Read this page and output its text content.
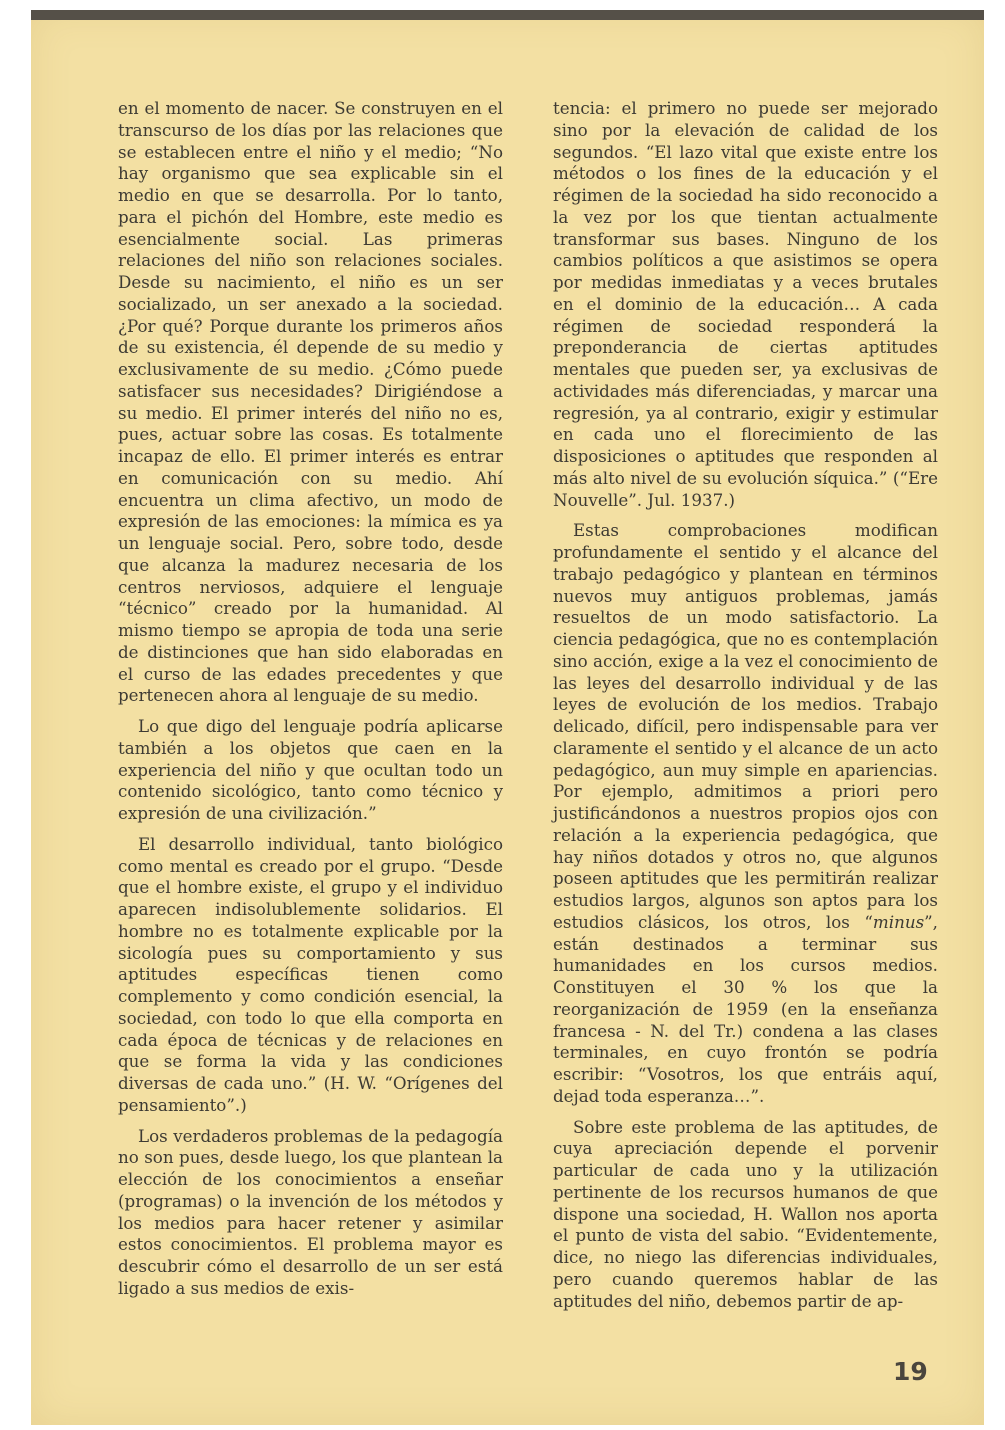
en el momento de nacer. Se construyen en el transcurso de los días por las relaciones que se establecen entre el niño y el medio; “No hay organismo que sea explicable sin el medio en que se desarrolla. Por lo tanto, para el pichón del Hombre, este medio es esencialmente social. Las primeras relaciones del niño son relaciones sociales. Desde su nacimiento, el niño es un ser socializado, un ser anexado a la sociedad. ¿Por qué? Porque durante los primeros años de su existencia, él depende de su medio y exclusivamente de su medio. ¿Cómo puede satisfacer sus necesidades? Dirigiéndose a su medio. El primer interés del niño no es, pues, actuar sobre las cosas. Es totalmente incapaz de ello. El primer interés es entrar en comunicación con su medio. Ahí encuentra un clima afectivo, un modo de expresión de las emociones: la mímica es ya un lenguaje social. Pero, sobre todo, desde que alcanza la madurez necesaria de los centros nerviosos, adquiere el lenguaje “técnico” creado por la humanidad. Al mismo tiempo se apropia de toda una serie de distinciones que han sido elaboradas en el curso de las edades precedentes y que pertenecen ahora al lenguaje de su medio.

Lo que digo del lenguaje podría aplicarse también a los objetos que caen en la experiencia del niño y que ocultan todo un contenido sicológico, tanto como técnico y expresión de una civilización.”

El desarrollo individual, tanto biológico como mental es creado por el grupo. “Desde que el hombre existe, el grupo y el individuo aparecen indisolublemente solidarios. El hombre no es totalmente explicable por la sicología pues su comportamiento y sus aptitudes específicas tienen como complemento y como condición esencial, la sociedad, con todo lo que ella comporta en cada época de técnicas y de relaciones en que se forma la vida y las condiciones diversas de cada uno.” (H. W. “Orígenes del pensamiento”.)

Los verdaderos problemas de la pedagogía no son pues, desde luego, los que plantean la elección de los conocimientos a enseñar (programas) o la invención de los métodos y los medios para hacer retener y asimilar estos conocimientos. El problema mayor es descubrir cómo el desarrollo de un ser está ligado a sus medios de exis-

tencia: el primero no puede ser mejorado sino por la elevación de calidad de los segundos. “El lazo vital que existe entre los métodos o los fines de la educación y el régimen de la sociedad ha sido reconocido a la vez por los que tientan actualmente transformar sus bases. Ninguno de los cambios políticos a que asistimos se opera por medidas inmediatas y a veces brutales en el dominio de la educación… A cada régimen de sociedad responderá la preponderancia de ciertas aptitudes mentales que pueden ser, ya exclusivas de actividades más diferenciadas, y marcar una regresión, ya al contrario, exigir y estimular en cada uno el florecimiento de las disposiciones o aptitudes que responden al más alto nivel de su evolución síquica.” (“Ere Nouvelle”. Jul. 1937.)

Estas comprobaciones modifican profundamente el sentido y el alcance del trabajo pedagógico y plantean en términos nuevos muy antiguos problemas, jamás resueltos de un modo satisfactorio. La ciencia pedagógica, que no es contemplación sino acción, exige a la vez el conocimiento de las leyes del desarrollo individual y de las leyes de evolución de los medios. Trabajo delicado, difícil, pero indispensable para ver claramente el sentido y el alcance de un acto pedagógico, aun muy simple en apariencias. Por ejemplo, admitimos a priori pero justificándonos a nuestros propios ojos con relación a la experiencia pedagógica, que hay niños dotados y otros no, que algunos poseen aptitudes que les permitirán realizar estudios largos, algunos son aptos para los estudios clásicos, los otros, los “minus”, están destinados a terminar sus humanidades en los cursos medios. Constituyen el 30 % los que la reorganización de 1959 (en la enseñanza francesa - N. del Tr.) condena a las clases terminales, en cuyo frontón se podría escribir: “Vosotros, los que entráis aquí, dejad toda esperanza…”.

Sobre este problema de las aptitudes, de cuya apreciación depende el porvenir particular de cada uno y la utilización pertinente de los recursos humanos de que dispone una sociedad, H. Wallon nos aporta el punto de vista del sabio. “Evidentemente, dice, no niego las diferencias individuales, pero cuando queremos hablar de las aptitudes del niño, debemos partir de ap-

19
